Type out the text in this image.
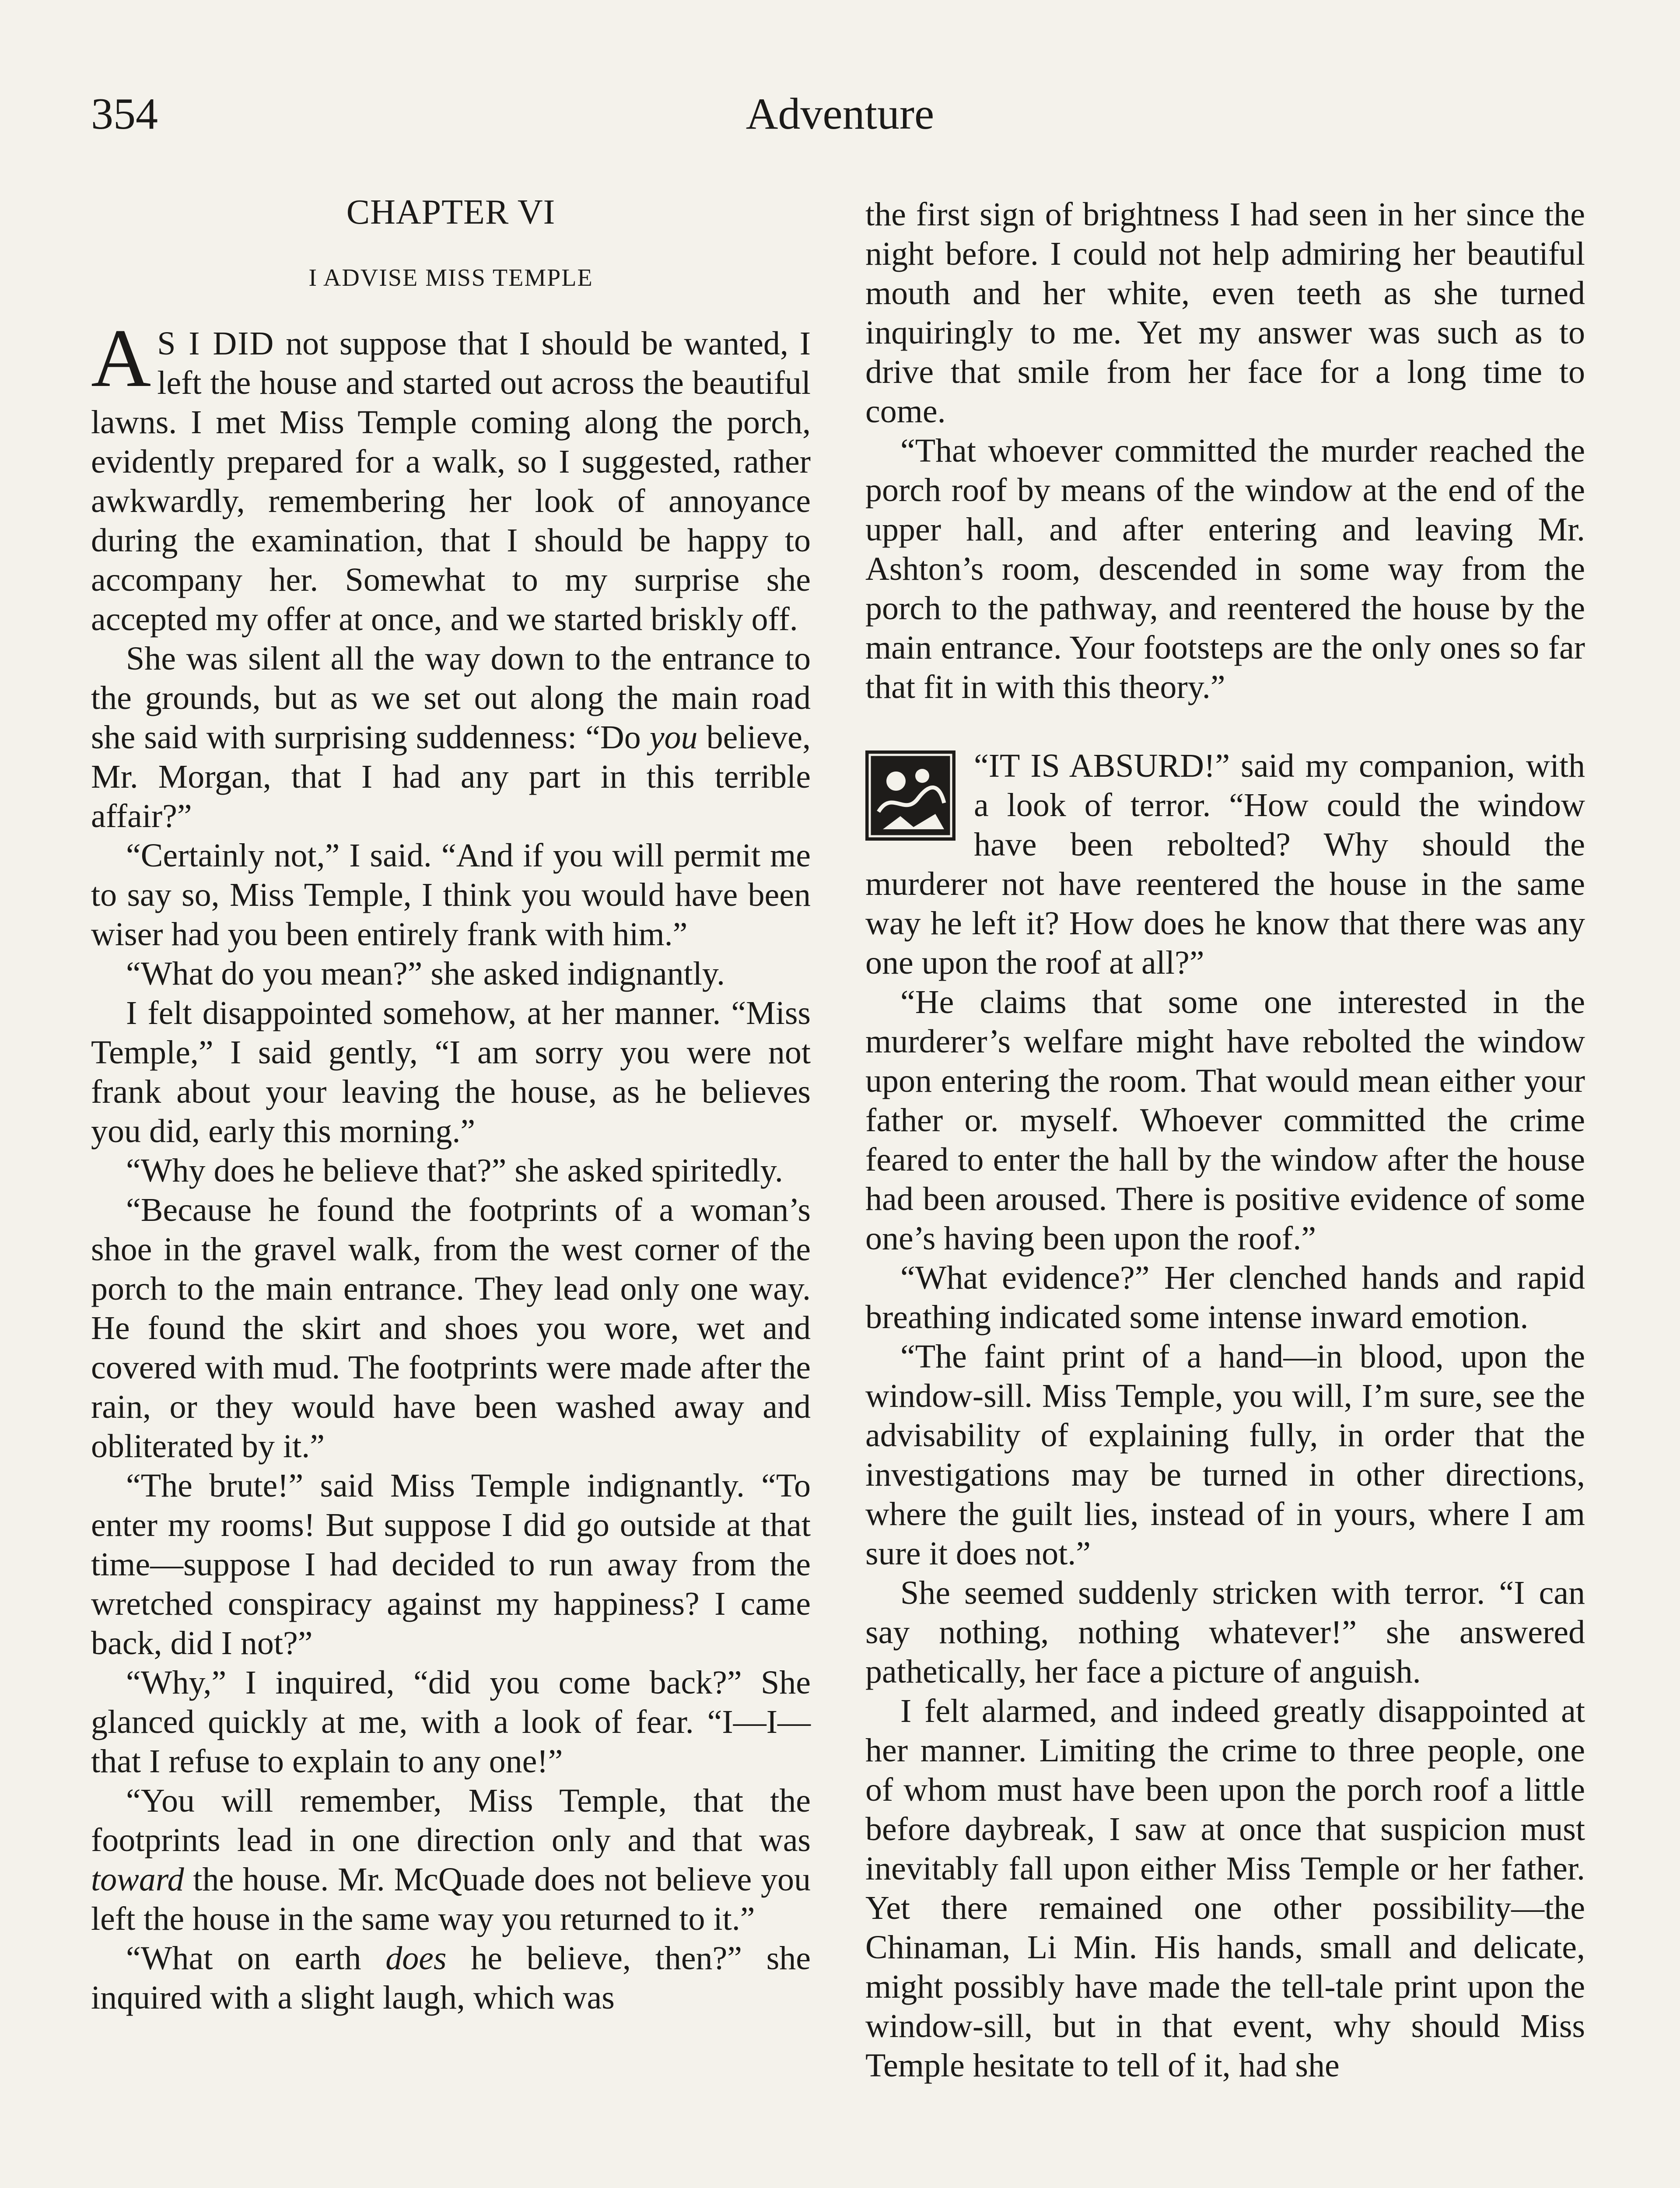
354	Adventure
CHAPTER VI
I ADVISE MISS TEMPLE

A S I DID not suppose that I should be wanted, I left the house and started out across the beautiful lawns. I met Miss Temple coming along the porch, evidently prepared for a walk, so I suggested, rather awkwardly, remembering her look of annoyance during the examination, that I should be happy to accompany her. Somewhat to my surprise she accepted my offer at once, and we started briskly off.

She was silent all the way down to the entrance to the grounds, but as we set out along the main road she said with surprising suddenness: “Do you believe, Mr. Morgan, that I had any part in this terrible affair?”

“Certainly not,” I said. “And if you will permit me to say so, Miss Temple, I think you would have been wiser had you been entirely frank with him.”

“What do you mean?” she asked indignantly.

I felt disappointed somehow, at her manner. “Miss Temple,” I said gently, “I am sorry you were not frank about your leaving the house, as he believes you did, early this morning.”

“Why does he believe that?” she asked spiritedly.

“Because he found the footprints of a woman’s shoe in the gravel walk, from the west corner of the porch to the main entrance. They lead only one way. He found the skirt and shoes you wore, wet and covered with mud. The footprints were made after the rain, or they would have been washed away and obliterated by it.”

“The brute!” said Miss Temple indignantly. “To enter my rooms! But suppose I did go outside at that time—suppose I had decided to run away from the wretched conspiracy against my happiness? I came back, did I not?”

“Why,” I inquired, “did you come back?” She glanced quickly at me, with a look of fear. “I—I—that I refuse to explain to any one!”

“You will remember, Miss Temple, that the footprints lead in one direction only and that was toward the house. Mr. McQuade does not believe you left the house in the same way you returned to it.”

“What on earth does he believe, then?” she inquired with a slight laugh, which was

the first sign of brightness I had seen in her since the night before. I could not help admiring her beautiful mouth and her white, even teeth as she turned inquiringly to me. Yet my answer was such as to drive that smile from her face for a long time to come.

“That whoever committed the murder reached the porch roof by means of the window at the end of the upper hall, and after entering and leaving Mr. Ashton’s room, descended in some way from the porch to the pathway, and reentered the house by the main entrance. Your footsteps are the only ones so far that fit in with this theory.”

“IT IS ABSURD!” said my companion, with a look of terror. “How could the window have been rebolted? Why should the murderer not have reentered the house in the same way he left it? How does he know that there was any one upon the roof at all?”

“He claims that some one interested in the murderer’s welfare might have rebolted the window upon entering the room. That would mean either your father or. myself. Whoever committed the crime feared to enter the hall by the window after the house had been aroused. There is positive evidence of some one’s having been upon the roof.”

“What evidence?” Her clenched hands and rapid breathing indicated some intense inward emotion.

“The faint print of a hand—in blood, upon the window-sill. Miss Temple, you will, I’m sure, see the advisability of explaining fully, in order that the investigations may be turned in other directions, where the guilt lies, instead of in yours, where I am sure it does not.”

She seemed suddenly stricken with terror. “I can say nothing, nothing whatever!” she answered pathetically, her face a picture of anguish.

I felt alarmed, and indeed greatly disappointed at her manner. Limiting the crime to three people, one of whom must have been upon the porch roof a little before daybreak, I saw at once that suspicion must inevitably fall upon either Miss Temple or her father. Yet there remained one other possibility—the Chinaman, Li Min. His hands, small and delicate, might possibly have made the tell-tale print upon the window-sill, but in that event, why should Miss Temple hesitate to tell of it, had she
